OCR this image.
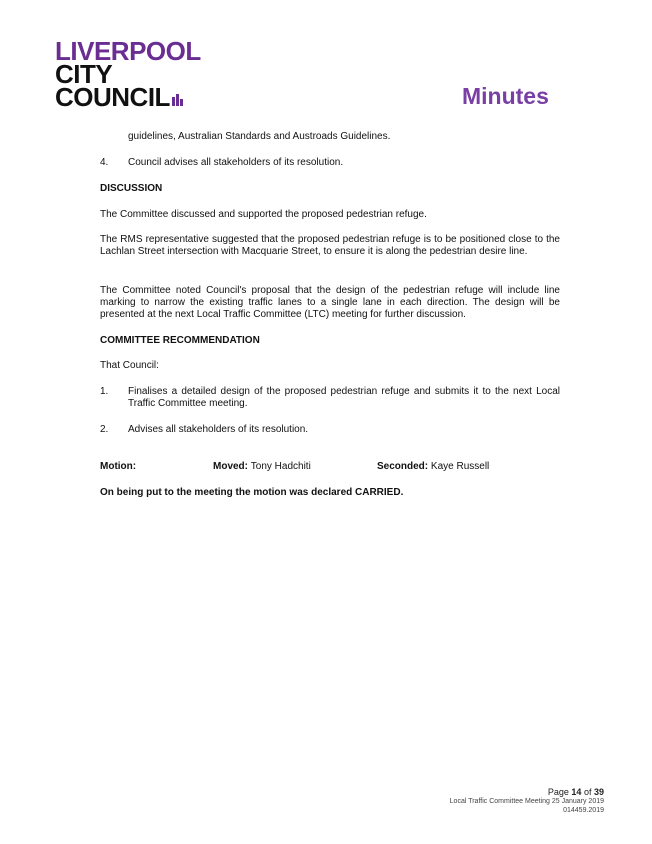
LIVERPOOL
CITY
COUNCIL	Minutes
guidelines, Australian Standards and Austroads Guidelines.
4. Council advises all stakeholders of its resolution.
DISCUSSION
The Committee discussed and supported the proposed pedestrian refuge.
The RMS representative suggested that the proposed pedestrian refuge is to be positioned close to the Lachlan Street intersection with Macquarie Street, to ensure it is along the pedestrian desire line.
The Committee noted Council's proposal that the design of the pedestrian refuge will include line marking to narrow the existing traffic lanes to a single lane in each direction. The design will be presented at the next Local Traffic Committee (LTC) meeting for further discussion.
COMMITTEE RECOMMENDATION
That Council:
1. Finalises a detailed design of the proposed pedestrian refuge and submits it to the next Local Traffic Committee meeting.
2. Advises all stakeholders of its resolution.
Motion:	Moved: Tony Hadchiti	Seconded: Kaye Russell
On being put to the meeting the motion was declared CARRIED.
Page 14 of 39
Local Traffic Committee Meeting 25 January 2019
014459.2019
